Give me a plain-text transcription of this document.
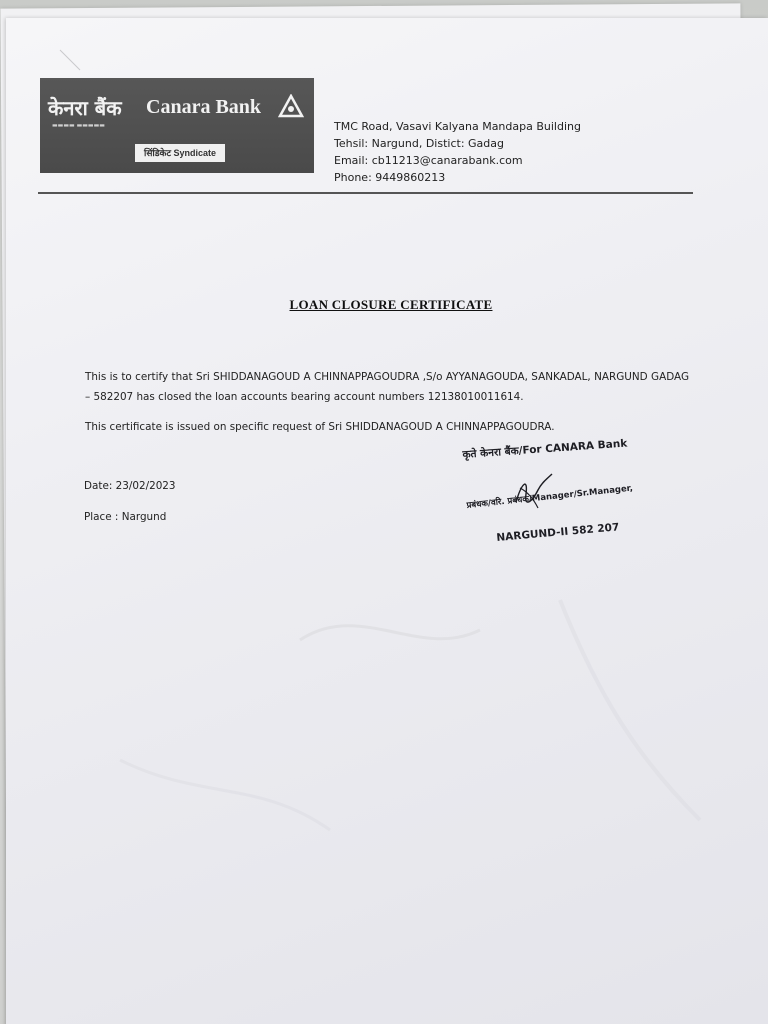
केनरा बैंक
▬▬▬▬ ▬▬▬▬▬
Canara Bank
सिंडिकेट Syndicate
TMC Road, Vasavi Kalyana Mandapa Building
Tehsil: Nargund, Distict: Gadag
Email: cb11213@canarabank.com
Phone: 9449860213
LOAN CLOSURE CERTIFICATE
This is to certify that Sri SHIDDANAGOUD A CHINNAPPAGOUDRA ,S/o AYYANAGOUDA, SANKADAL, NARGUND GADAG – 582207 has closed the loan accounts bearing account numbers 12138010011614.
This certificate is issued on specific request of Sri SHIDDANAGOUD A CHINNAPPAGOUDRA.
Date: 23/02/2023
Place : Nargund
कृते केनरा बैंक/For CANARA Bank
प्रबंधक/वरि. प्रबंधक/Manager/Sr.Manager,
NARGUND-II 582 207
